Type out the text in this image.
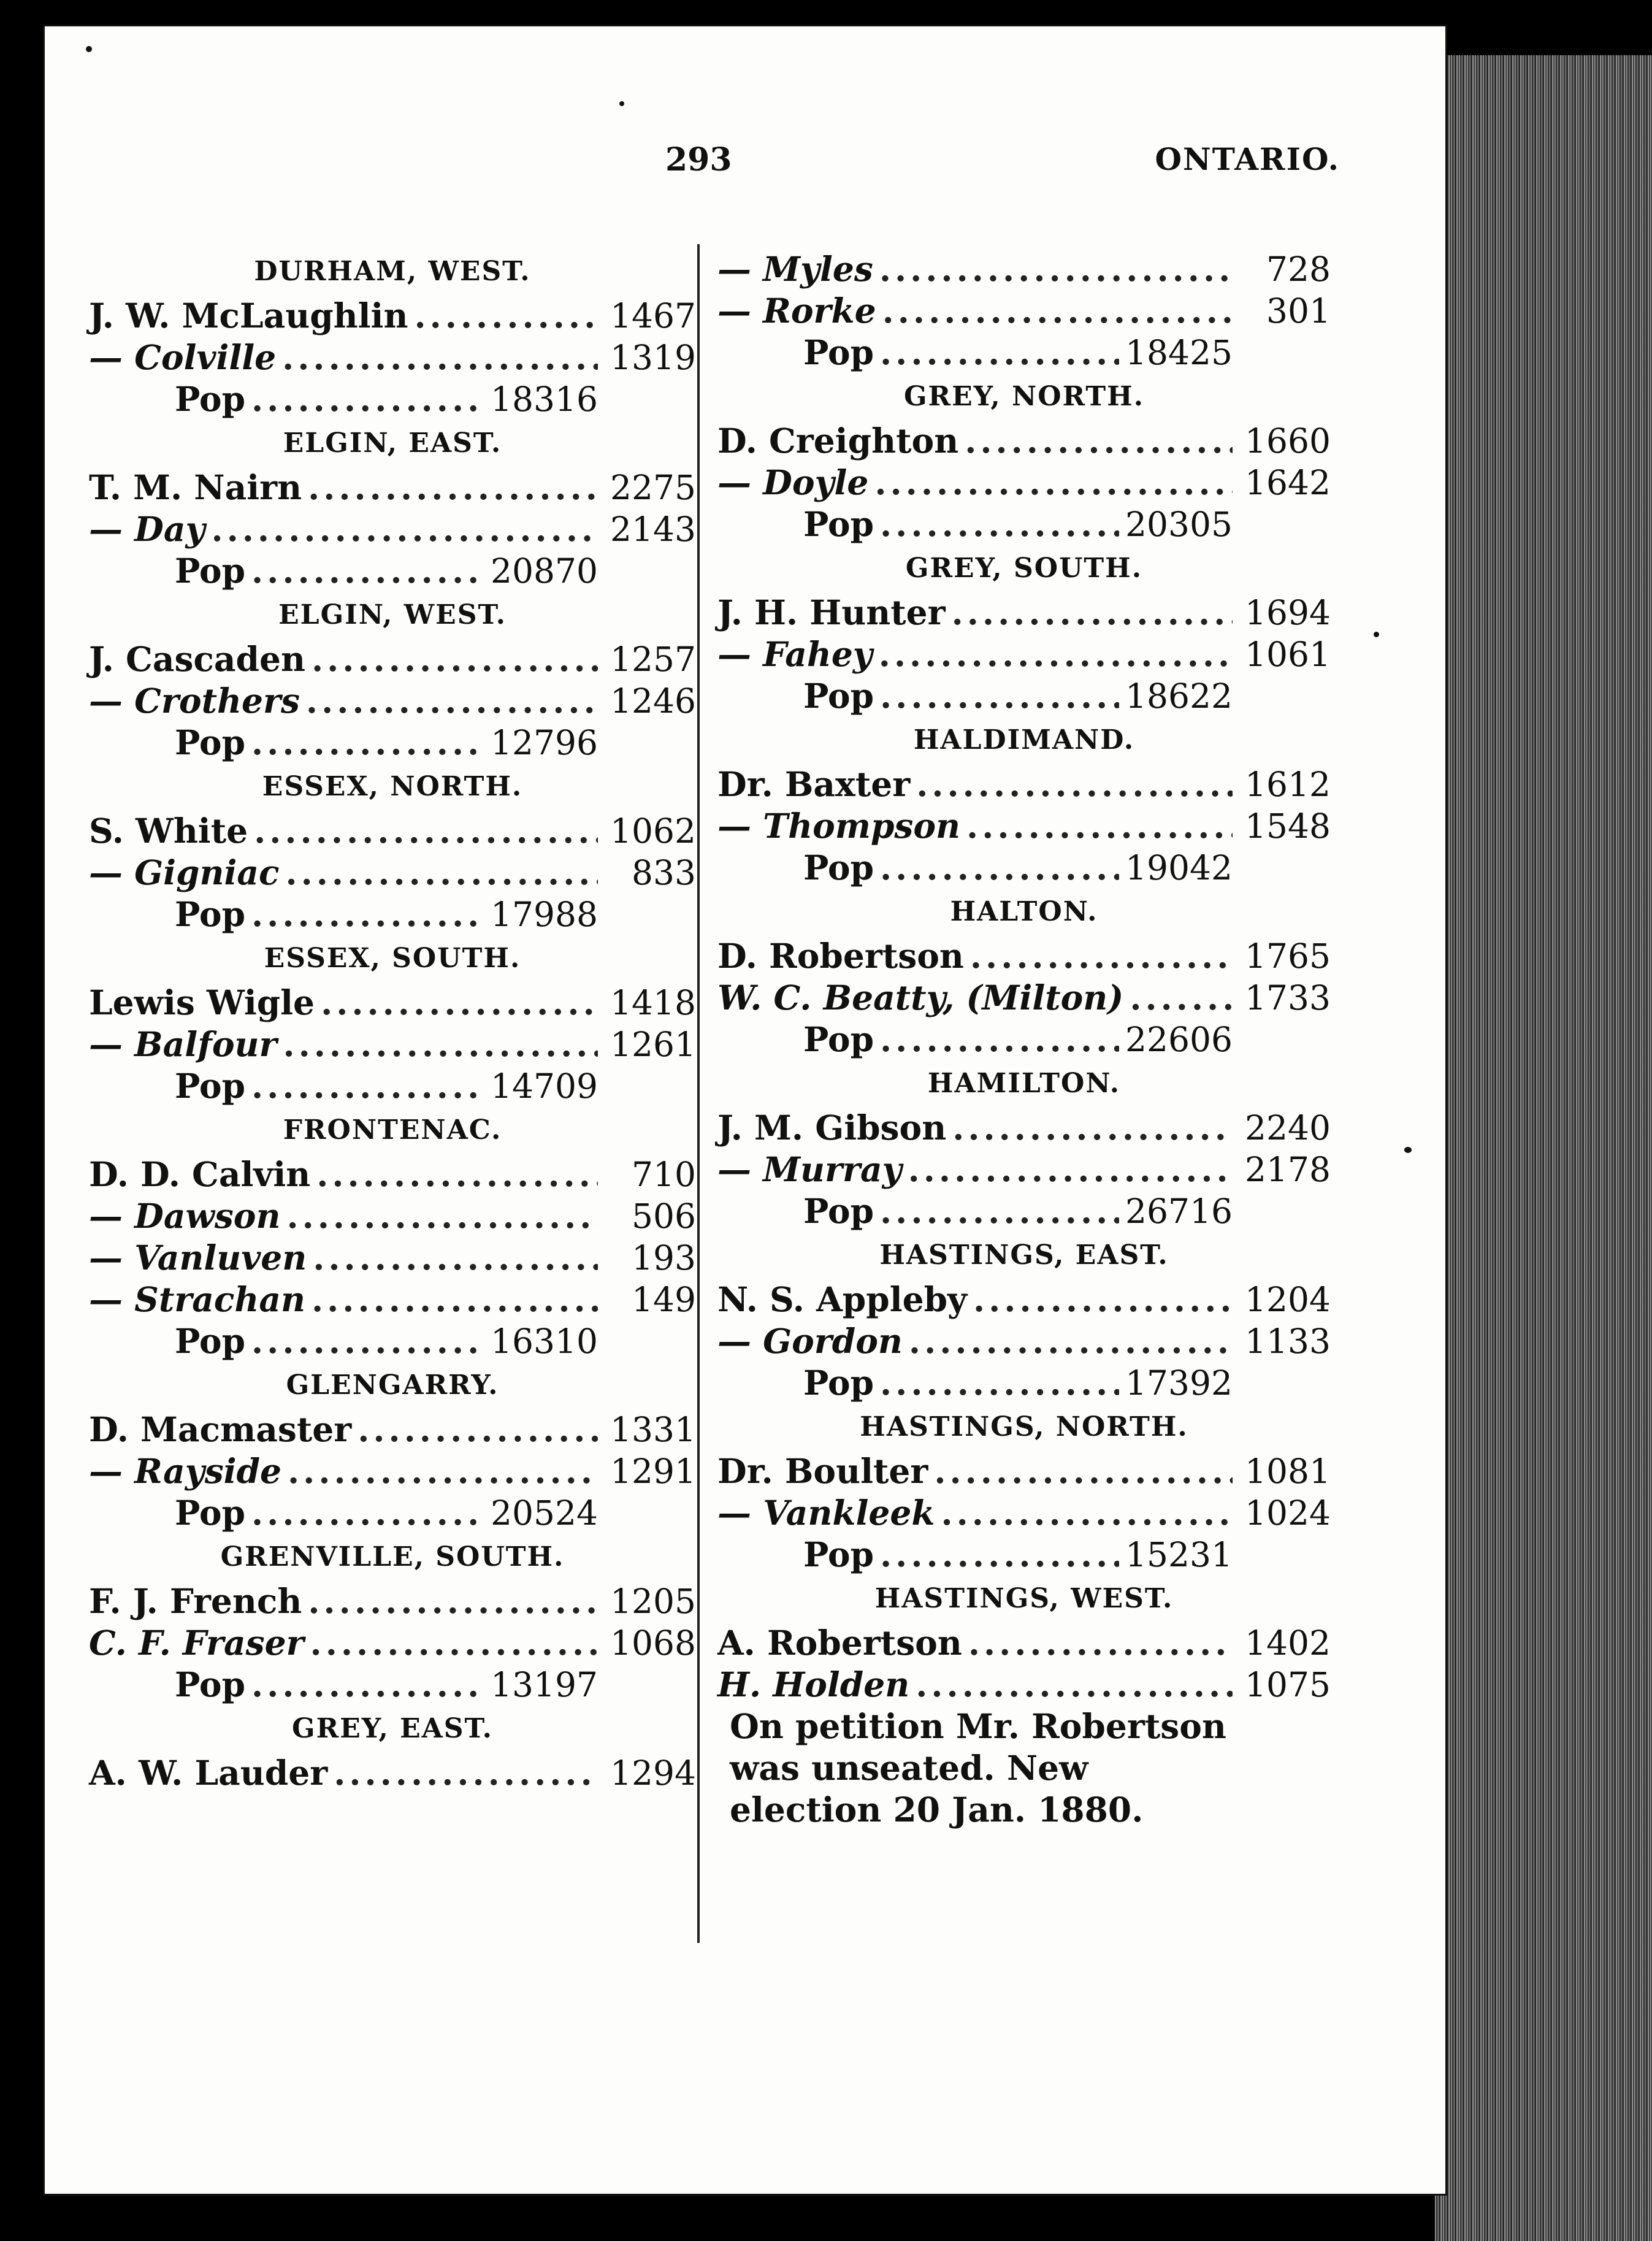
293	ONTARIO.
DURHAM, WEST.
J. W. McLaughlin .....	1467
— Colville .....	1319
Pop .....	18316
ELGIN, EAST.
T. M. Nairn .....	2275
— Day .....	2143
Pop .....	20870
ELGIN, WEST.
J. Cascaden .....	1257
— Crothers .....	1246
Pop .....	12796
ESSEX, NORTH.
S. White .....	1062
— Gigniac .....	833
Pop .....	17988
ESSEX, SOUTH.
Lewis Wigle .....	1418
— Balfour .....	1261
Pop .....	14709
FRONTENAC.
D. D. Calvin .....	710
— Dawson .....	506
— Vanluven .....	193
— Strachan .....	149
Pop .....	16310
GLENGARRY.
D. Macmaster .....	1331
— Rayside .....	1291
Pop .....	20524
GRENVILLE, SOUTH.
F. J. French .....	1205
C. F. Fraser .....	1068
Pop .....	13197
GREY, EAST.
A. W. Lauder .....	1294
— Myles .....	728
— Rorke .....	301
Pop .....	18425
GREY, NORTH.
D. Creighton .....	1660
— Doyle .....	1642
Pop .....	20305
GREY, SOUTH.
J. H. Hunter .....	1694
— Fahey .....	1061
Pop .....	18622
HALDIMAND.
Dr. Baxter .....	1612
— Thompson .....	1548
Pop .....	19042
HALTON.
D. Robertson .....	1765
W. C. Beatty, (Milton) .....	1733
Pop .....	22606
HAMILTON.
J. M. Gibson .....	2240
— Murray .....	2178
Pop .....	26716
HASTINGS, EAST.
N. S. Appleby .....	1204
— Gordon .....	1133
Pop .....	17392
HASTINGS, NORTH.
Dr. Boulter .....	1081
— Vankleek .....	1024
Pop .....	15231
HASTINGS, WEST.
A. Robertson .....	1402
H. Holden .....	1075
On petition Mr. Robertson was unseated. New election 20 Jan. 1880.
